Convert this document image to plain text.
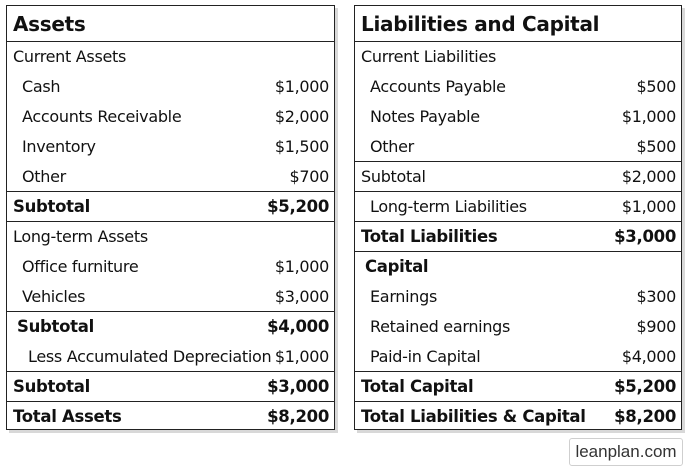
Assets
Current Assets
Cash	$1,000
Accounts Receivable	$2,000
Inventory	$1,500
Other	$700
Subtotal	$5,200
Long-term Assets
Office furniture	$1,000
Vehicles	$3,000
Subtotal	$4,000
Less Accumulated Depreciation $1,000
Subtotal	$3,000
Total Assets	$8,200
Liabilities and Capital
Current Liabilities
Accounts Payable	$500
Notes Payable	$1,000
Other	$500
Subtotal	$2,000
Long-term Liabilities	$1,000
Total Liabilities	$3,000
Capital
Earnings	$300
Retained earnings	$900
Paid-in Capital	$4,000
Total Capital	$5,200
Total Liabilities & Capital $8,200
leanplan.com
